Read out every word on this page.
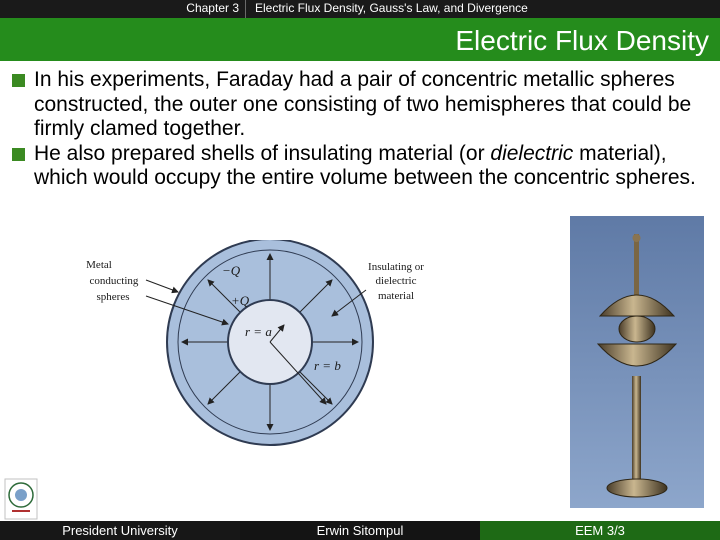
Chapter 3	Electric Flux Density, Gauss's Law, and Divergence
Electric Flux Density
In his experiments, Faraday had a pair of concentric metallic spheres constructed, the outer one consisting of two hemispheres that could be firmly clamed together.
He also prepared shells of insulating material (or dielectric material), which would occupy the entire volume between the concentric spheres.
Metal
conducting
spheres
Insulating or
dielectric
material
−Q
+Q
r = a
r = b
President University	Erwin Sitompul	EEM 3/3
